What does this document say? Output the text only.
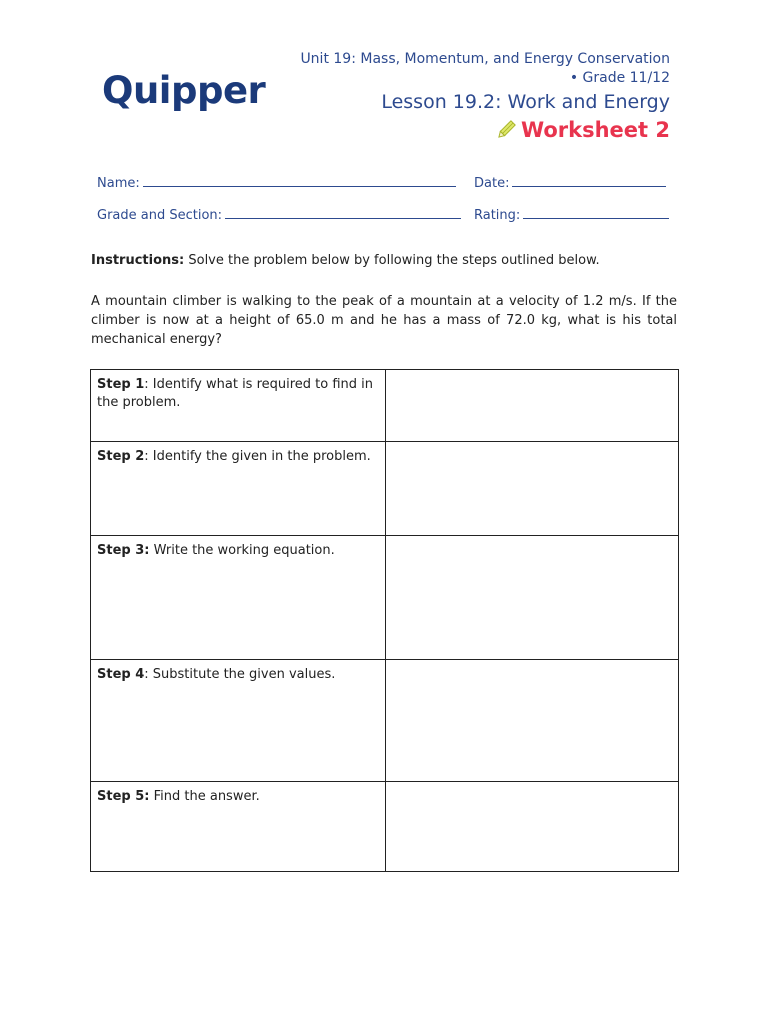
Quipper
Unit 19: Mass, Momentum, and Energy Conservation
• Grade 11/12
Lesson 19.2: Work and Energy
Worksheet 2
Name:	Date:
Grade and Section:	Rating:
Instructions: Solve the problem below by following the steps outlined below.
A mountain climber is walking to the peak of a mountain at a velocity of 1.2 m/s. If the climber is now at a height of 65.0 m and he has a mass of 72.0 kg, what is his total mechanical energy?
Step 1: Identify what is required to find in the problem.	
Step 2: Identify the given in the problem.	
Step 3: Write the working equation.	
Step 4: Substitute the given values.	
Step 5: Find the answer.	
